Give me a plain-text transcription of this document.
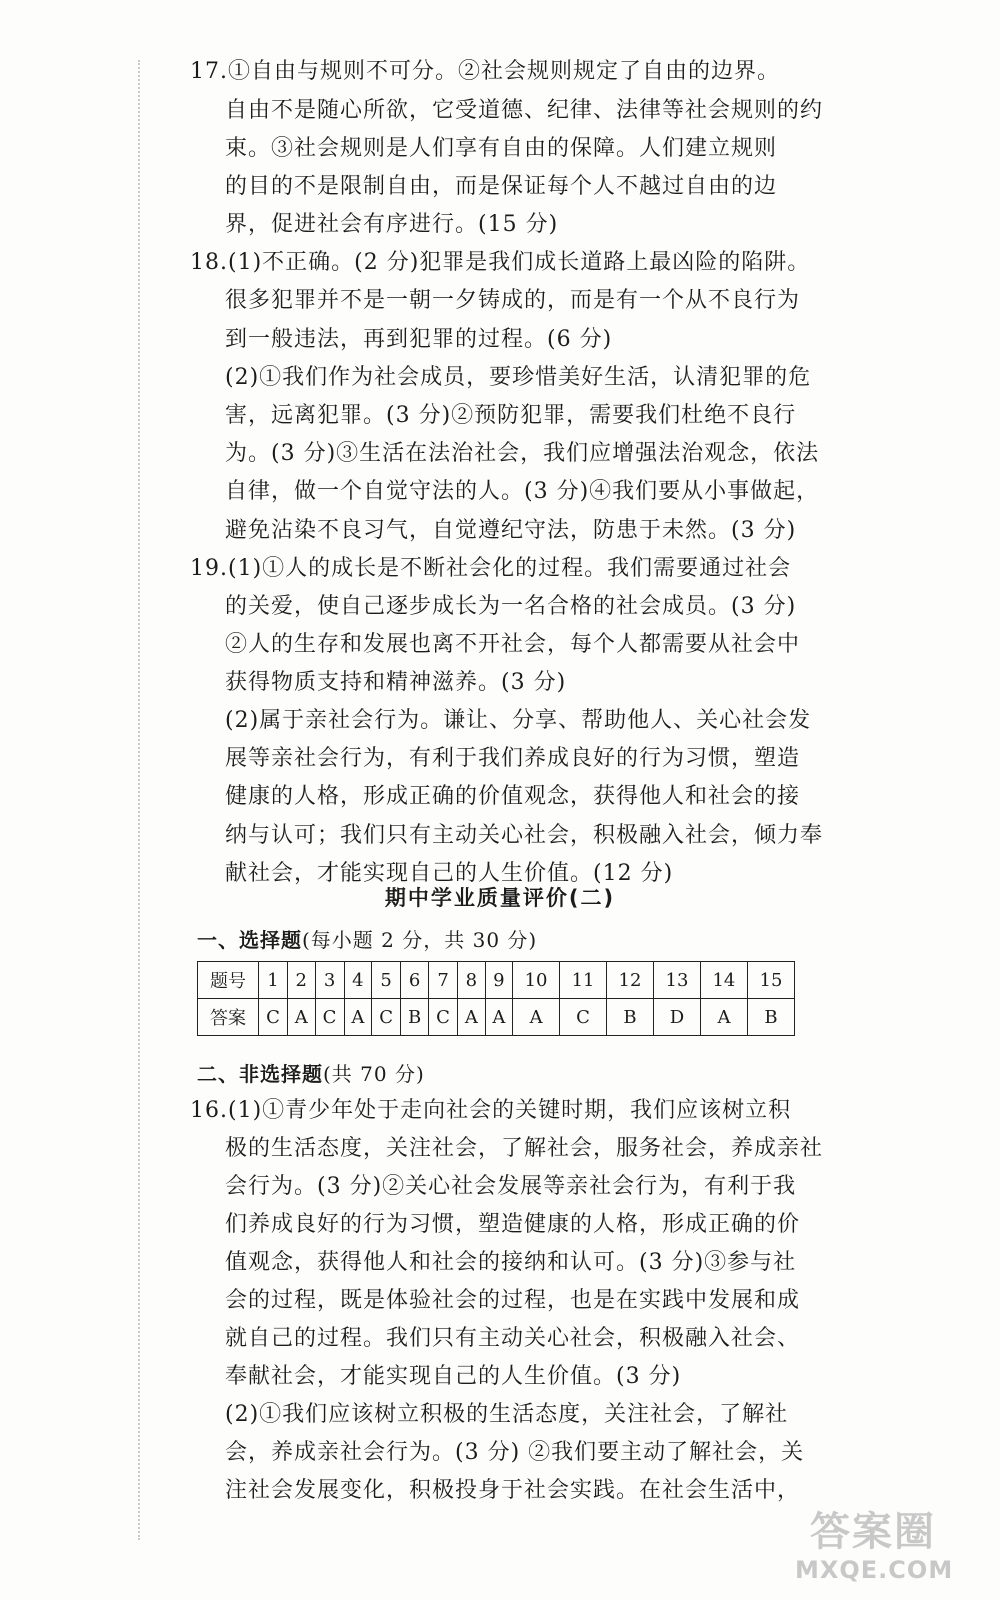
17.①自由与规则不可分。②社会规则规定了自由的边界。
自由不是随心所欲，它受道德、纪律、法律等社会规则的约
束。③社会规则是人们享有自由的保障。人们建立规则
的目的不是限制自由，而是保证每个人不越过自由的边
界，促进社会有序进行。(15 分)
18.(1)不正确。(2 分)犯罪是我们成长道路上最凶险的陷阱。
很多犯罪并不是一朝一夕铸成的，而是有一个从不良行为
到一般违法，再到犯罪的过程。(6 分)
(2)①我们作为社会成员，要珍惜美好生活，认清犯罪的危
害，远离犯罪。(3 分)②预防犯罪，需要我们杜绝不良行
为。(3 分)③生活在法治社会，我们应增强法治观念，依法
自律，做一个自觉守法的人。(3 分)④我们要从小事做起，
避免沾染不良习气，自觉遵纪守法，防患于未然。(3 分)
19.(1)①人的成长是不断社会化的过程。我们需要通过社会
的关爱，使自己逐步成长为一名合格的社会成员。(3 分)
②人的生存和发展也离不开社会，每个人都需要从社会中
获得物质支持和精神滋养。(3 分)
(2)属于亲社会行为。谦让、分享、帮助他人、关心社会发
展等亲社会行为，有利于我们养成良好的行为习惯，塑造
健康的人格，形成正确的价值观念，获得他人和社会的接
纳与认可；我们只有主动关心社会，积极融入社会，倾力奉
献社会，才能实现自己的人生价值。(12 分)
期中学业质量评价(二)
一、选择题(每小题 2 分，共 30 分)
题号	1	2	3	4	5	6	7	8	9	10	11	12	13	14	15
答案	C	A	C	A	C	B	C	A	A	A	C	B	D	A	B
二、非选择题(共 70 分)
16.(1)①青少年处于走向社会的关键时期，我们应该树立积
极的生活态度，关注社会，了解社会，服务社会，养成亲社
会行为。(3 分)②关心社会发展等亲社会行为，有利于我
们养成良好的行为习惯，塑造健康的人格，形成正确的价
值观念，获得他人和社会的接纳和认可。(3 分)③参与社
会的过程，既是体验社会的过程，也是在实践中发展和成
就自己的过程。我们只有主动关心社会，积极融入社会、
奉献社会，才能实现自己的人生价值。(3 分)
(2)①我们应该树立积极的生活态度，关注社会，了解社
会，养成亲社会行为。(3 分) ②我们要主动了解社会，关
注社会发展变化，积极投身于社会实践。在社会生活中，
答案圈
MXQE.COM
